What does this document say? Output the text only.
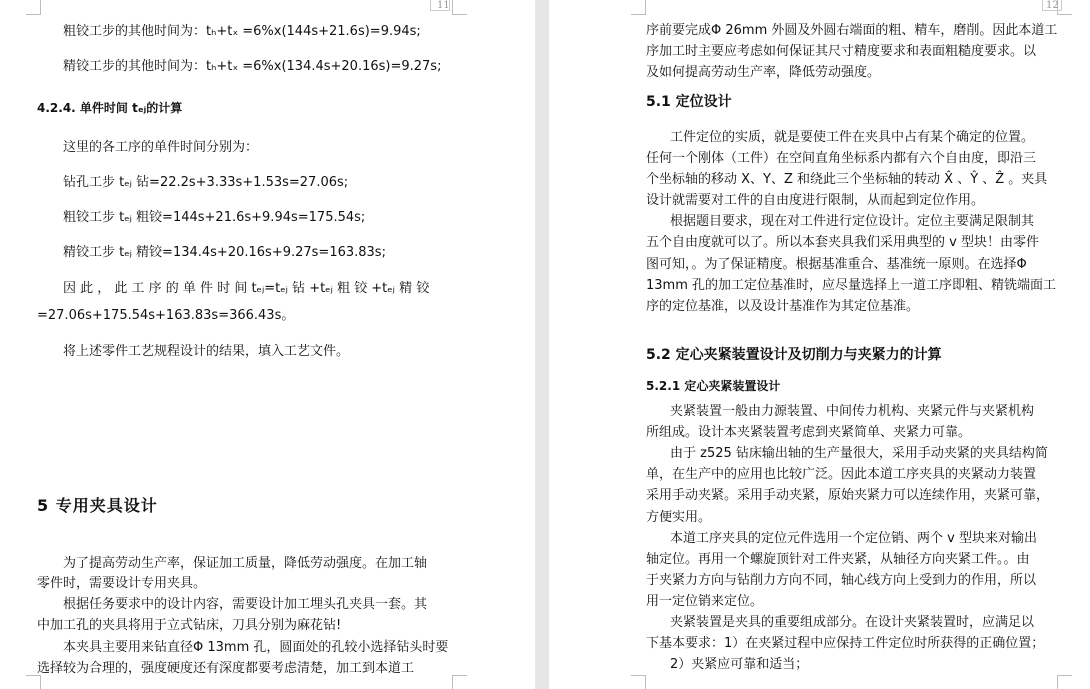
11
粗铰工步的其他时间为：tₕ+tₓ =6%x(144s+21.6s)=9.94s;
精铰工步的其他时间为：tₕ+tₓ =6%x(134.4s+20.16s)=9.27s;
4.2.4. 单件时间 tₑⱼ的计算
这里的各工序的单件时间分别为：
钻孔工步 tₑⱼ 钻=22.2s+3.33s+1.53s=27.06s;
粗铰工步 tₑⱼ 粗铰=144s+21.6s+9.94s=175.54s;
精铰工步 tₑⱼ 精铰=134.4s+20.16s+9.27s=163.83s;
因 此 ， 此 工 序 的 单 件 时 间 tₑⱼ=tₑⱼ 钻 +tₑⱼ 粗 铰 +tₑⱼ 精 铰
=27.06s+175.54s+163.83s=366.43s。
将上述零件工艺规程设计的结果，填入工艺文件。
5 专用夹具设计
为了提高劳动生产率，保证加工质量，降低劳动强度。在加工轴
零件时，需要设计专用夹具。
根据任务要求中的设计内容，需要设计加工埋头孔夹具一套。其
中加工孔的夹具将用于立式钻床，刀具分别为麻花钻!
本夹具主要用来钻直径Φ 13mm 孔，圆面处的孔较小选择钻头时要
选择较为合理的，强度硬度还有深度都要考虑清楚，加工到本道工
12
序前要完成Φ 26mm 外圆及外圆右端面的粗、精车，磨削。因此本道工
序加工时主要应考虑如何保证其尺寸精度要求和表面粗糙度要求。以
及如何提高劳动生产率，降低劳动强度。
5.1 定位设计
工件定位的实质，就是要使工件在夹具中占有某个确定的位置。
任何一个刚体（工件）在空间直角坐标系内都有六个自由度，即沿三
个坐标轴的移动 X、Y、Z 和绕此三个坐标轴的转动 X̂ 、Ŷ 、Ẑ 。夹具
设计就需要对工件的自由度进行限制，从而起到定位作用。
根据题目要求，现在对工件进行定位设计。定位主要满足限制其
五个自由度就可以了。所以本套夹具我们采用典型的 v 型块！由零件
图可知，。为了保证精度。根据基准重合、基准统一原则。在选择Φ
13mm 孔的加工定位基准时，应尽量选择上一道工序即粗、精铣端面工
序的定位基准，以及设计基准作为其定位基准。
5.2 定心夹紧装置设计及切削力与夹紧力的计算
5.2.1 定心夹紧装置设计
夹紧装置一般由力源装置、中间传力机构、夹紧元件与夹紧机构
所组成。设计本夹紧装置考虑到夹紧简单、夹紧力可靠。
由于 z525 钻床输出轴的生产量很大，采用手动夹紧的夹具结构简
单，在生产中的应用也比较广泛。因此本道工序夹具的夹紧动力装置
采用手动夹紧。采用手动夹紧，原始夹紧力可以连续作用，夹紧可靠，
方便实用。
本道工序夹具的定位元件选用一个定位销、两个 v 型块来对输出
轴定位。再用一个螺旋顶针对工件夹紧，从轴径方向夹紧工件。。由
于夹紧力方向与钻削力方向不同，轴心线方向上受到力的作用，所以
用一定位销来定位。
夹紧装置是夹具的重要组成部分。在设计夹紧装置时，应满足以
下基本要求：1）在夹紧过程中应保持工件定位时所获得的正确位置；
2）夹紧应可靠和适当；
